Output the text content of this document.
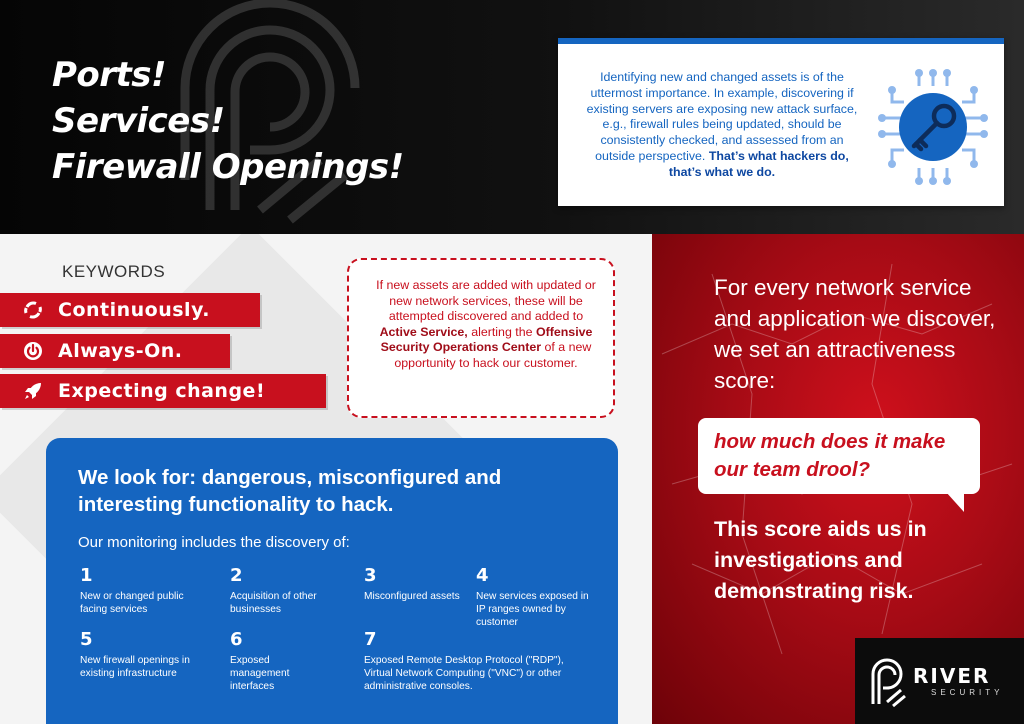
Ports!
Services!
Firewall Openings!

Identifying new and changed assets is of the uttermost importance. In example, discovering if existing servers are exposing new attack surface, e.g., firewall rules being updated, should be consistently checked, and assessed from an outside perspective. That’s what hackers do, that’s what we do.

KEYWORDS
Continuously.
Always-On.
Expecting change!

If new assets are added with updated or new network services, these will be attempted discovered and added to Active Service, alerting the Offensive Security Operations Center of a new opportunity to hack our customer.

We look for: dangerous, misconfigured and interesting functionality to hack.
Our monitoring includes the discovery of:
1
New or changed public facing services
2
Acquisition of other businesses
3
Misconfigured assets
4
New services exposed in IP ranges owned by customer
5
New firewall openings in existing infrastructure
6
Exposed management interfaces
7
Exposed Remote Desktop Protocol ("RDP"), Virtual Network Computing ("VNC") or other administrative consoles.
For every network service and application we discover, we set an attractiveness score:

how much does it make our team drool?

This score aids us in investigations and demonstrating risk.
RIVER
SECURITY
